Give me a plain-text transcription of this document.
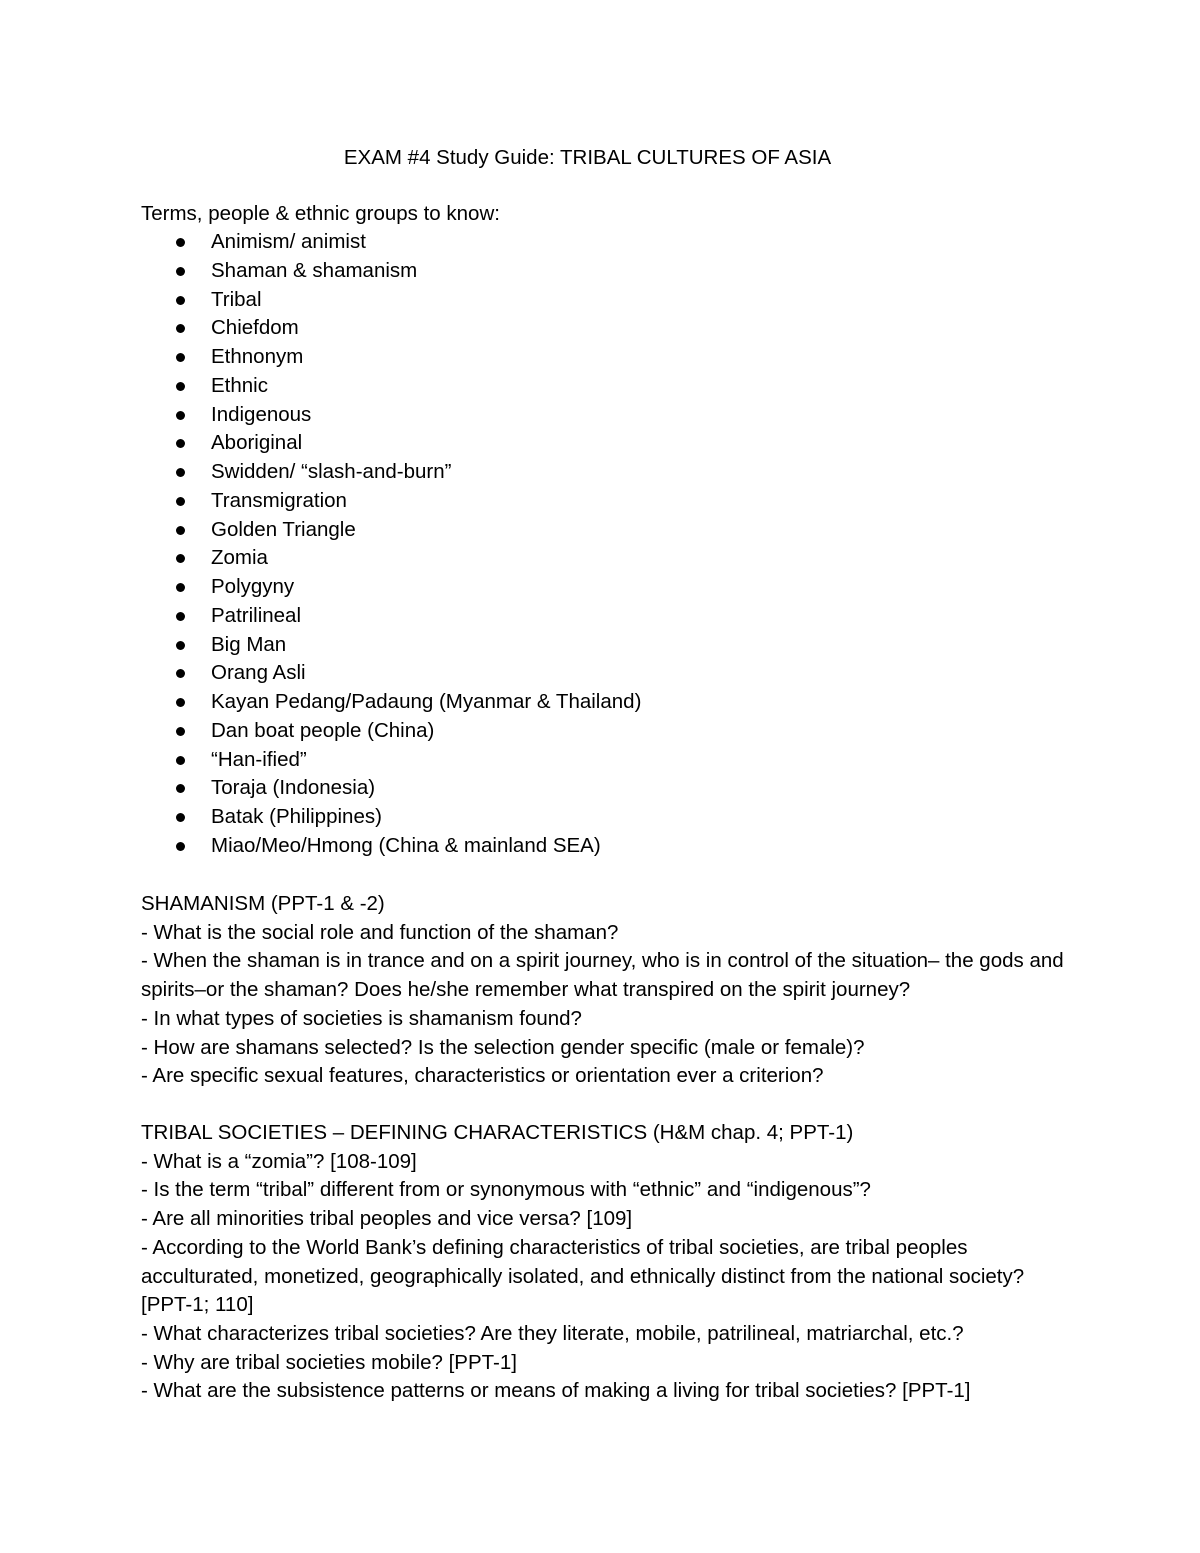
EXAM #4 Study Guide: TRIBAL CULTURES OF ASIA
Terms, people & ethnic groups to know:
Animism/ animist
Shaman & shamanism
Tribal
Chiefdom
Ethnonym
Ethnic
Indigenous
Aboriginal
Swidden/ “slash-and-burn”
Transmigration
Golden Triangle
Zomia
Polygyny
Patrilineal
Big Man
Orang Asli
Kayan Pedang/Padaung (Myanmar & Thailand)
Dan boat people (China)
“Han-ified”
Toraja (Indonesia)
Batak (Philippines)
Miao/Meo/Hmong (China & mainland SEA)
SHAMANISM (PPT-1 & -2)
- What is the social role and function of the shaman?
- When the shaman is in trance and on a spirit journey, who is in control of the situation– the gods and spirits–or the shaman? Does he/she remember what transpired on the spirit journey?
- In what types of societies is shamanism found?
- How are shamans selected? Is the selection gender specific (male or female)?
- Are specific sexual features, characteristics or orientation ever a criterion?
TRIBAL SOCIETIES – DEFINING CHARACTERISTICS (H&M chap. 4; PPT-1)
- What is a “zomia”? [108-109]
- Is the term “tribal” different from or synonymous with “ethnic” and “indigenous”?
- Are all minorities tribal peoples and vice versa? [109]
- According to the World Bank’s defining characteristics of tribal societies, are tribal peoples acculturated, monetized, geographically isolated, and ethnically distinct from the national society? [PPT-1; 110]
- What characterizes tribal societies? Are they literate, mobile, patrilineal, matriarchal, etc.?
- Why are tribal societies mobile? [PPT-1]
- What are the subsistence patterns or means of making a living for tribal societies? [PPT-1]
